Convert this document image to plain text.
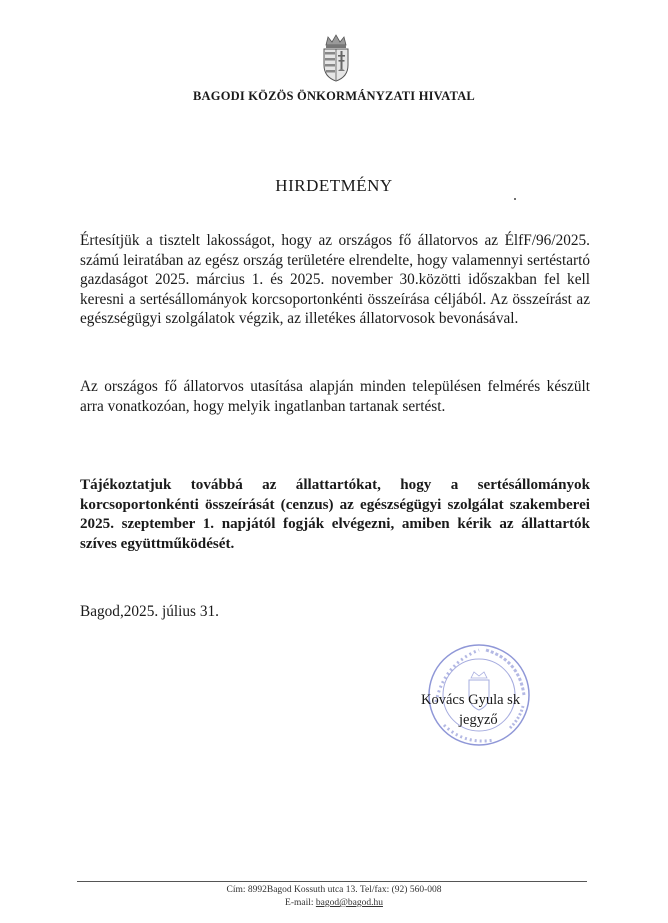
BAGODI KÖZÖS ÖNKORMÁNYZATI HIVATAL
HIRDETMÉNY
Értesítjük a tisztelt lakosságot, hogy az országos fő állatorvos az ÉlfF/96/2025. számú leiratában az egész ország területére elrendelte, hogy valamennyi sertéstartó gazdaságot 2025. március 1. és 2025. november 30.közötti időszakban fel kell keresni a sertésállományok korcsoportonkénti összeírása céljából. Az összeírást az egészségügyi szolgálatok végzik, az illetékes állatorvosok bevonásával.
Az országos fő állatorvos utasítása alapján minden településen felmérés készült arra vonatkozóan, hogy melyik ingatlanban tartanak sertést.
Tájékoztatjuk továbbá az állattartókat, hogy a sertésállományok korcsoportonkénti összeírását (cenzus) az egészségügyi szolgálat szakemberei 2025. szeptember 1. napjától fogják elvégezni, amiben kérik az állattartók szíves együttműködését.
Bagod,2025. július 31.
Kovács Gyula sk
jegyző
Cím: 8992Bagod Kossuth utca 13. Tel/fax: (92) 560-008
E-mail: bagod@bagod.hu
